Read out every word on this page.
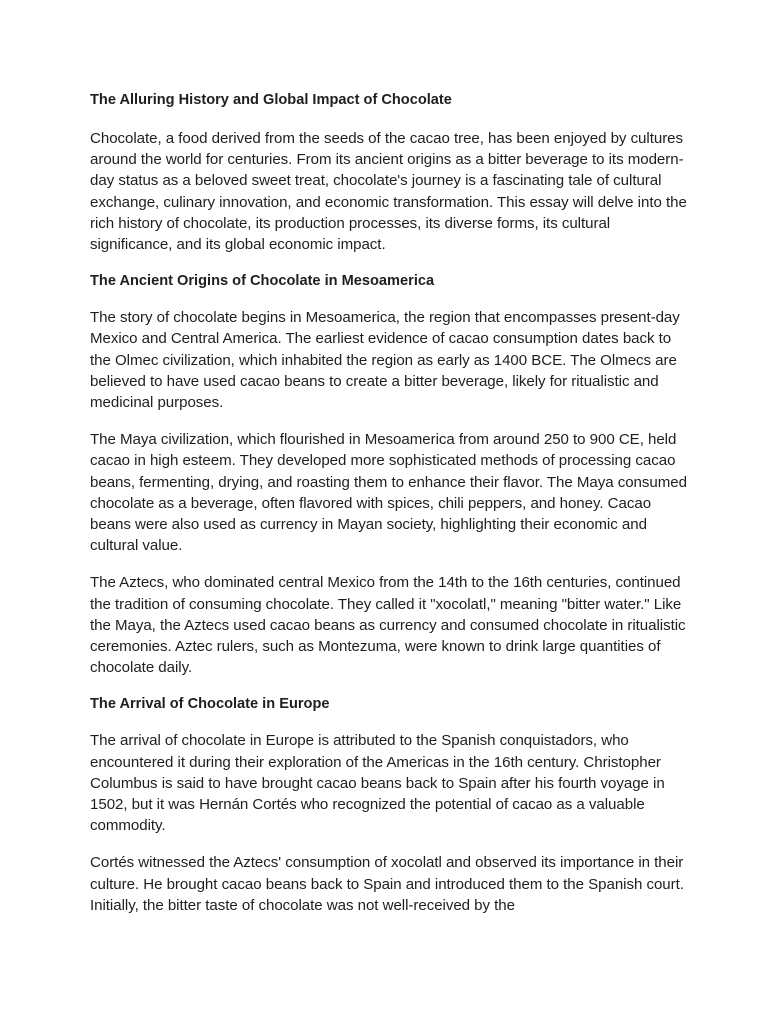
The Alluring History and Global Impact of Chocolate

Chocolate, a food derived from the seeds of the cacao tree, has been enjoyed by cultures around the world for centuries. From its ancient origins as a bitter beverage to its modern-day status as a beloved sweet treat, chocolate's journey is a fascinating tale of cultural exchange, culinary innovation, and economic transformation. This essay will delve into the rich history of chocolate, its production processes, its diverse forms, its cultural significance, and its global economic impact.

The Ancient Origins of Chocolate in Mesoamerica

The story of chocolate begins in Mesoamerica, the region that encompasses present-day Mexico and Central America. The earliest evidence of cacao consumption dates back to the Olmec civilization, which inhabited the region as early as 1400 BCE. The Olmecs are believed to have used cacao beans to create a bitter beverage, likely for ritualistic and medicinal purposes.

The Maya civilization, which flourished in Mesoamerica from around 250 to 900 CE, held cacao in high esteem. They developed more sophisticated methods of processing cacao beans, fermenting, drying, and roasting them to enhance their flavor. The Maya consumed chocolate as a beverage, often flavored with spices, chili peppers, and honey. Cacao beans were also used as currency in Mayan society, highlighting their economic and cultural value.

The Aztecs, who dominated central Mexico from the 14th to the 16th centuries, continued the tradition of consuming chocolate. They called it "xocolatl," meaning "bitter water." Like the Maya, the Aztecs used cacao beans as currency and consumed chocolate in ritualistic ceremonies. Aztec rulers, such as Montezuma, were known to drink large quantities of chocolate daily.

The Arrival of Chocolate in Europe

The arrival of chocolate in Europe is attributed to the Spanish conquistadors, who encountered it during their exploration of the Americas in the 16th century. Christopher Columbus is said to have brought cacao beans back to Spain after his fourth voyage in 1502, but it was Hernán Cortés who recognized the potential of cacao as a valuable commodity.

Cortés witnessed the Aztecs' consumption of xocolatl and observed its importance in their culture. He brought cacao beans back to Spain and introduced them to the Spanish court. Initially, the bitter taste of chocolate was not well-received by the
